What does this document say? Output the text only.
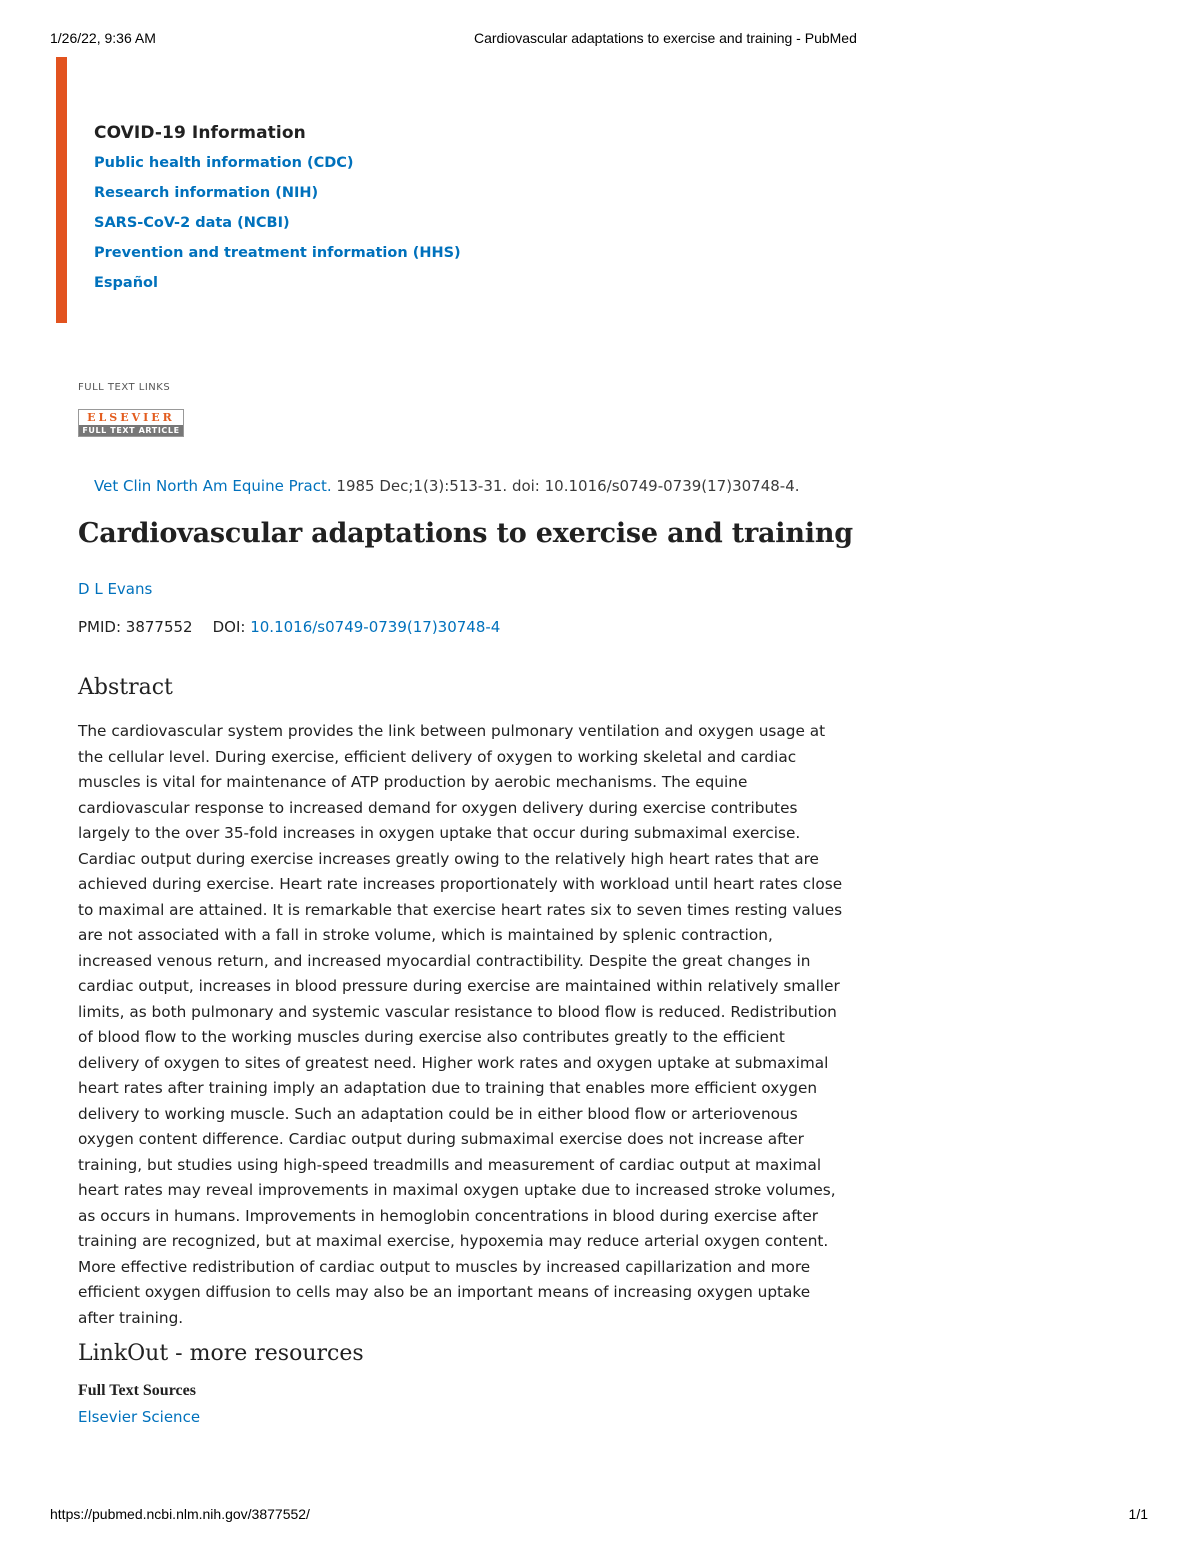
1/26/22, 9:36 AM	Cardiovascular adaptations to exercise and training - PubMed
COVID-19 Information
Public health information (CDC)
Research information (NIH)
SARS-CoV-2 data (NCBI)
Prevention and treatment information (HHS)
Español
FULL TEXT LINKS
ELSEVIER
FULL TEXT ARTICLE
Vet Clin North Am Equine Pract. 1985 Dec;1(3):513-31. doi: 10.1016/s0749-0739(17)30748-4.
Cardiovascular adaptations to exercise and training
D L Evans
PMID: 3877552 DOI: 10.1016/s0749-0739(17)30748-4
Abstract

The cardiovascular system provides the link between pulmonary ventilation and oxygen usage at the cellular level. During exercise, efficient delivery of oxygen to working skeletal and cardiac muscles is vital for maintenance of ATP production by aerobic mechanisms. The equine cardiovascular response to increased demand for oxygen delivery during exercise contributes largely to the over 35-fold increases in oxygen uptake that occur during submaximal exercise. Cardiac output during exercise increases greatly owing to the relatively high heart rates that are achieved during exercise. Heart rate increases proportionately with workload until heart rates close to maximal are attained. It is remarkable that exercise heart rates six to seven times resting values are not associated with a fall in stroke volume, which is maintained by splenic contraction, increased venous return, and increased myocardial contractibility. Despite the great changes in cardiac output, increases in blood pressure during exercise are maintained within relatively smaller limits, as both pulmonary and systemic vascular resistance to blood flow is reduced. Redistribution of blood flow to the working muscles during exercise also contributes greatly to the efficient delivery of oxygen to sites of greatest need. Higher work rates and oxygen uptake at submaximal heart rates after training imply an adaptation due to training that enables more efficient oxygen delivery to working muscle. Such an adaptation could be in either blood flow or arteriovenous oxygen content difference. Cardiac output during submaximal exercise does not increase after training, but studies using high-speed treadmills and measurement of cardiac output at maximal heart rates may reveal improvements in maximal oxygen uptake due to increased stroke volumes, as occurs in humans. Improvements in hemoglobin concentrations in blood during exercise after training are recognized, but at maximal exercise, hypoxemia may reduce arterial oxygen content. More effective redistribution of cardiac output to muscles by increased capillarization and more efficient oxygen diffusion to cells may also be an important means of increasing oxygen uptake after training.

LinkOut - more resources
Full Text Sources
Elsevier Science
https://pubmed.ncbi.nlm.nih.gov/3877552/	1/1
